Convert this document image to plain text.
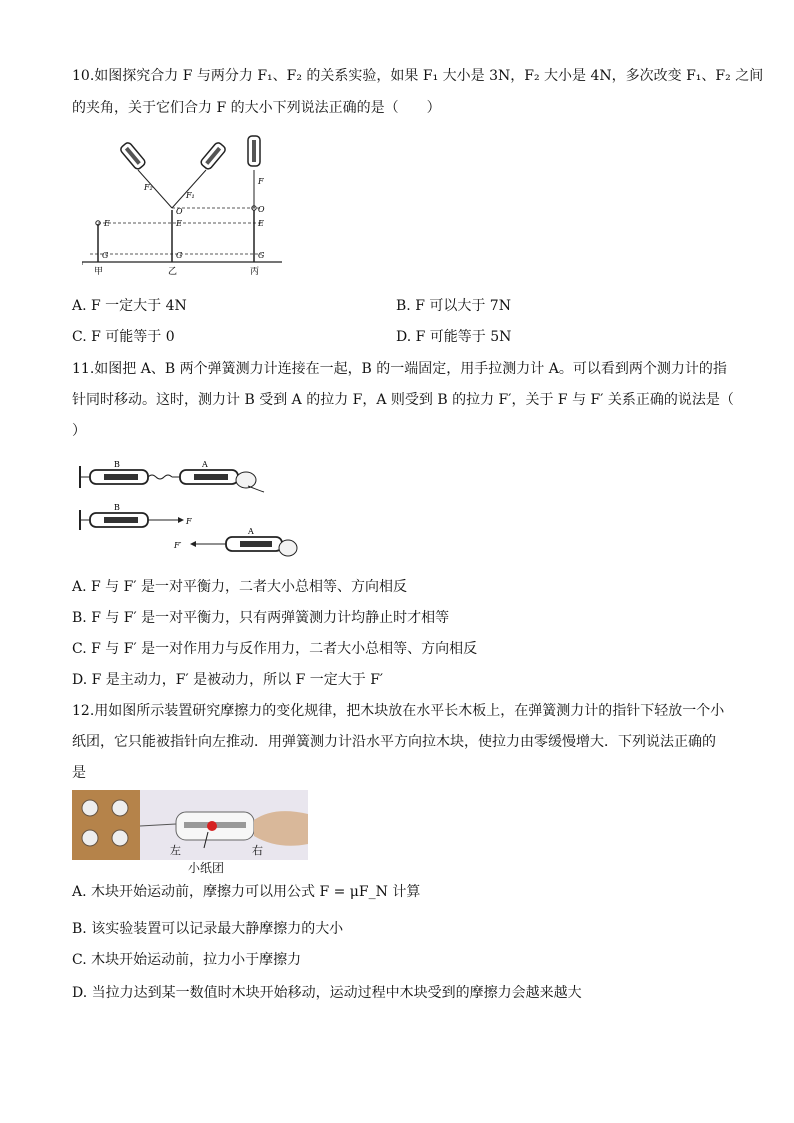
10.如图探究合力 F 与两分力 F₁、F₂ 的关系实验，如果 F₁ 大小是 3N，F₂ 大小是 4N，多次改变 F₁、F₂ 之间
的夹角，关于它们合力 F 的大小下列说法正确的是（　　）
F₂
F₁
F
O	O
E	E	E
G	G	G
甲	乙	丙
A. F 一定大于 4N	B. F 可以大于 7N
C. F 可能等于 0	D. F 可能等于 5N
11.如图把 A、B 两个弹簧测力计连接在一起，B 的一端固定，用手拉测力计 A。可以看到两个测力计的指
针同时移动。这时，测力计 B 受到 A 的拉力 F，A 则受到 B 的拉力 F′，关于 F 与 F′ 关系正确的说法是（
）
B	A
F
B
F′
A
A. F 与 F′ 是一对平衡力，二者大小总相等、方向相反
B. F 与 F′ 是一对平衡力，只有两弹簧测力计均静止时才相等
C. F 与 F′ 是一对作用力与反作用力，二者大小总相等、方向相反
D. F 是主动力，F′ 是被动力，所以 F 一定大于 F′
12.用如图所示装置研究摩擦力的变化规律，把木块放在水平长木板上，在弹簧测力计的指针下轻放一个小
纸团，它只能被指针向左推动．用弹簧测力计沿水平方向拉木块，使拉力由零缓慢增大．下列说法正确的
是
左	右
小纸团
A. 木块开始运动前，摩擦力可以用公式 F = μF_N 计算
B. 该实验装置可以记录最大静摩擦力的大小
C. 木块开始运动前，拉力小于摩擦力
D. 当拉力达到某一数值时木块开始移动，运动过程中木块受到的摩擦力会越来越大
